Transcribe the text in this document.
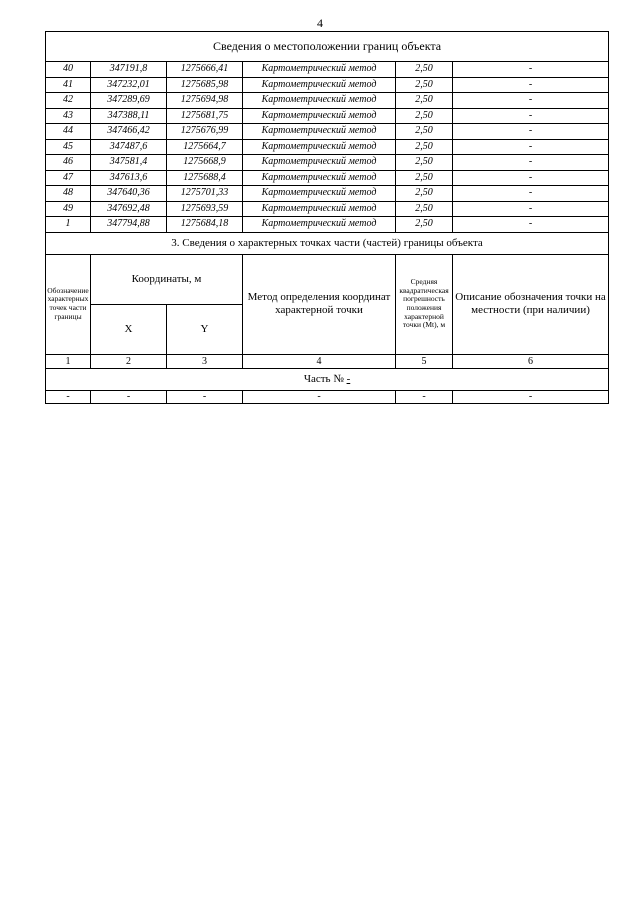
4
Сведения о местоположении границ объекта					
40	347191,8	1275666,41	Картометрический метод	2,50	-
41	347232,01	1275685,98	Картометрический метод	2,50	-
42	347289,69	1275694,98	Картометрический метод	2,50	-
43	347388,11	1275681,75	Картометрический метод	2,50	-
44	347466,42	1275676,99	Картометрический метод	2,50	-
45	347487,6	1275664,7	Картометрический метод	2,50	-
46	347581,4	1275668,9	Картометрический метод	2,50	-
47	347613,6	1275688,4	Картометрический метод	2,50	-
48	347640,36	1275701,33	Картометрический метод	2,50	-
49	347692,48	1275693,59	Картометрический метод	2,50	-
1	347794,88	1275684,18	Картометрический метод	2,50	-
3. Сведения о характерных точках части (частей) границы объекта					
Обозначение характерных точек части границы	Координаты, м		Метод определения координат характерной точки	Средняя квадратическая погрешность положения характерной точки (Mt), м	Описание обозначения точки на местности (при наличии)
	X	Y			
1	2	3	4	5	6
Часть № -					
-	-	-	-	-	-
